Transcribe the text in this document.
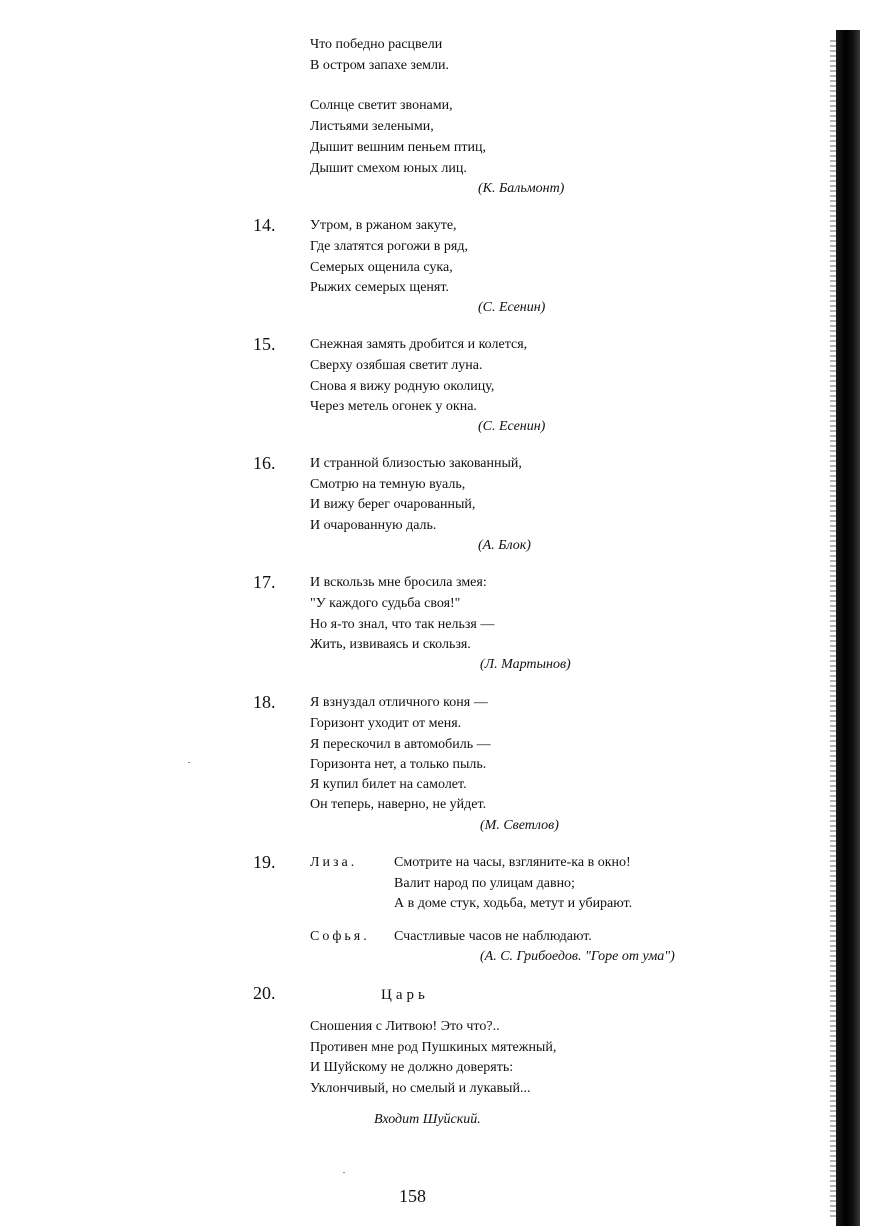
Что победно расцвели
В остром запахе земли.
Солнце светит звонами,
Листьями зелеными,
Дышит вешним пеньем птиц,
Дышит смехом юных лиц.
(К. Бальмонт)
14. Утром, в ржаном закуте,
Где златятся рогожи в ряд,
Семерых ощенила сука,
Рыжих семерых щенят.
(С. Есенин)
15. Снежная замять дробится и колется,
Сверху озябшая светит луна.
Снова я вижу родную околицу,
Через метель огонек у окна.
(С. Есенин)
16. И странной близостью закованный,
Смотрю на темную вуаль,
И вижу берег очарованный,
И очарованную даль.
(А. Блок)
17. И вскользь мне бросила змея:
"У каждого судьба своя!"
Но я-то знал, что так нельзя —
Жить, извиваясь и скользя.
(Л. Мартынов)
18. Я взнуздал отличного коня —
Горизонт уходит от меня.
Я перескочил в автомобиль —
Горизонта нет, а только пыль.
Я купил билет на самолет.
Он теперь, наверно, не уйдет.
(М. Светлов)
19. Лиза.	Смотрите на часы, взгляните-ка в окно!
Валит народ по улицам давно;
А в доме стук, ходьба, метут и убирают.
Софья. Счастливые часов не наблюдают.
(А. С. Грибоедов. "Горе от ума")
20.	Царь
Сношения с Литвою! Это что?..
Противен мне род Пушкиных мятежный,
И Шуйскому не должно доверять:
Уклончивый, но смелый и лукавый...
Входит Шуйский.
158
